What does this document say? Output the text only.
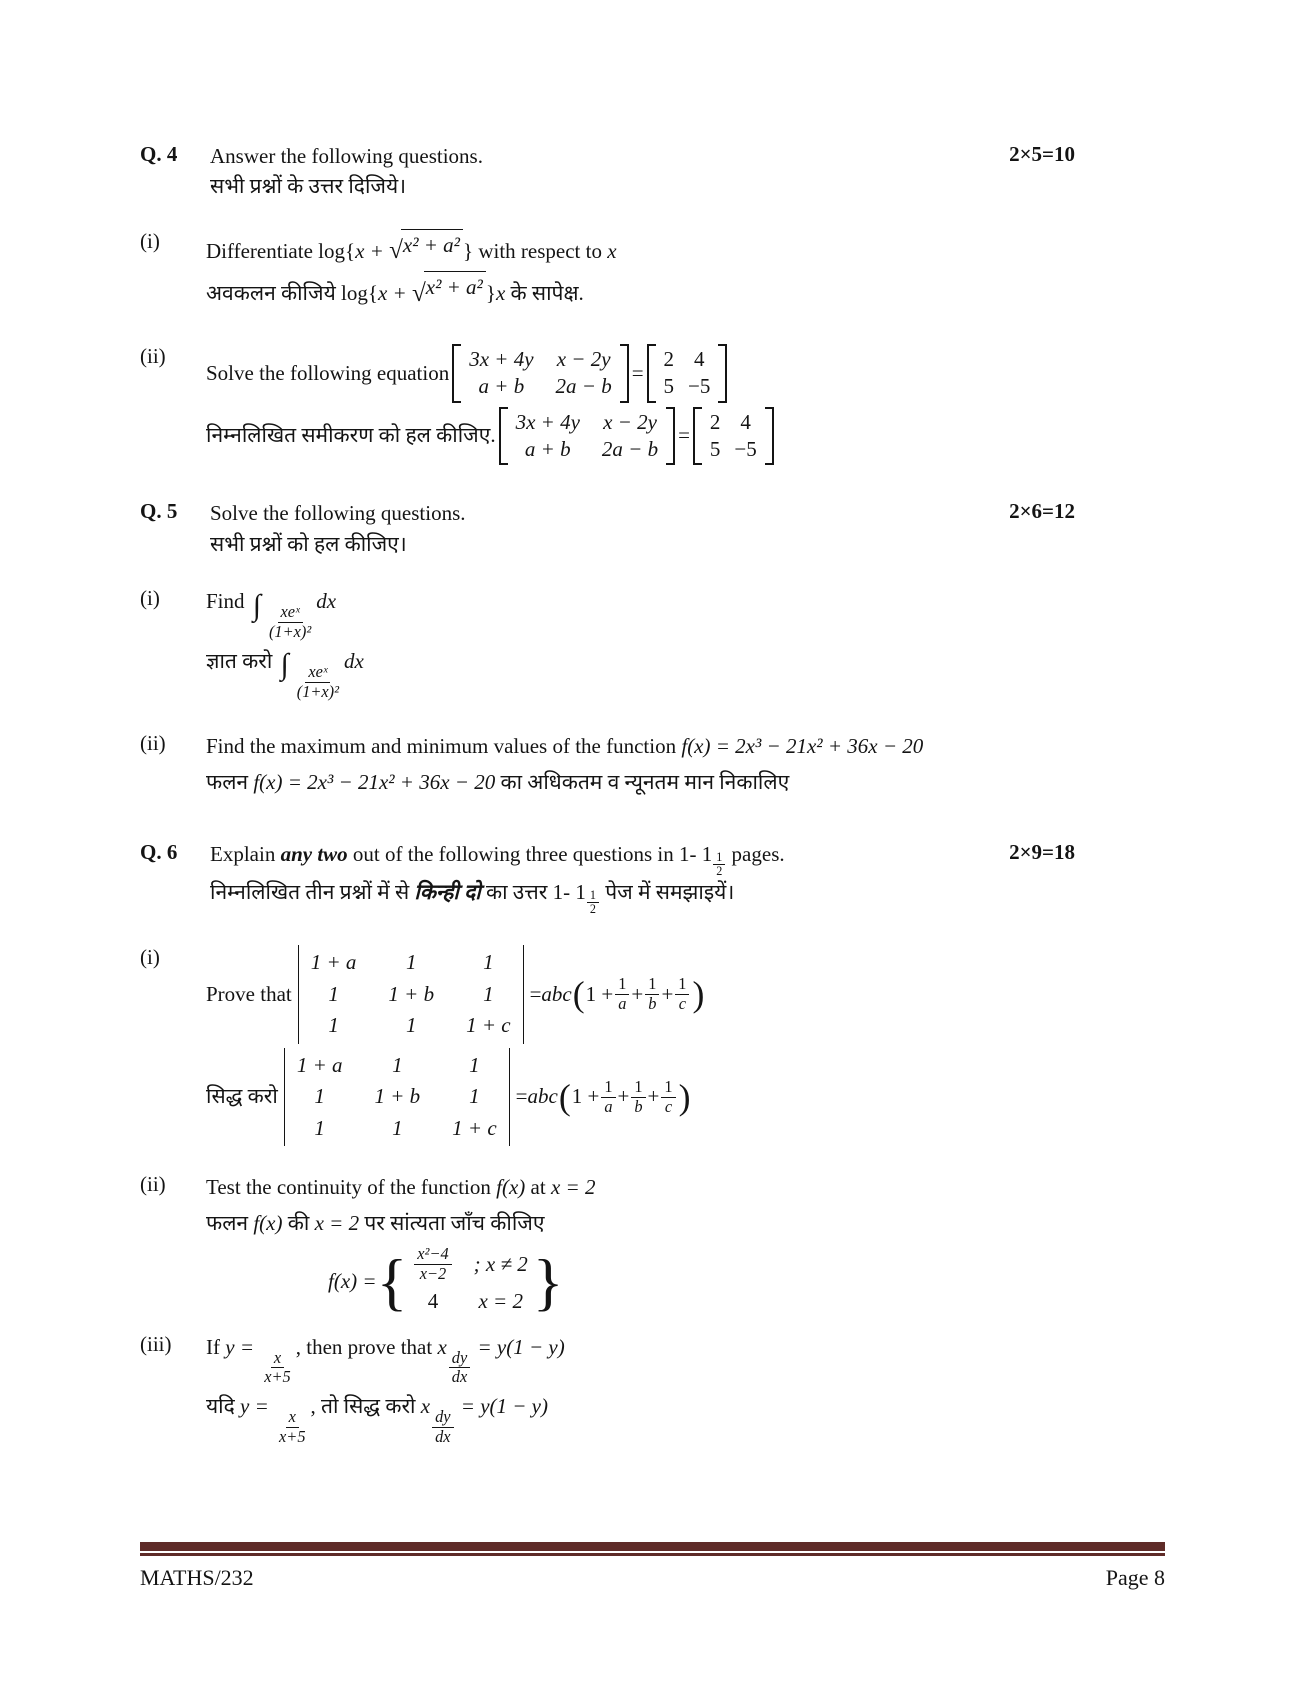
Q. 4	Answer the following questions.
सभी प्रश्नों के उत्तर दिजिये।
2×5=10
(i)	Differentiate log{x + √ x² + a² } with respect to x
अवकलन कीजिये log{x + √ x² + a² }x के सापेक्ष.
(ii)
Solve the following equation
3x + 4y x − 2y
a + b	2a − b
=
2 4
5 −5
निम्नलिखित समीकरण को हल कीजिए.
3x + 4y x − 2y
a + b	2a − b
=
2 4
5 −5
Q. 5	Solve the following questions.
सभी प्रश्नों को हल कीजिए।
2×6=12
(i)	Find ∫ $\frac{\text{xeˣ}}{\text{(1+x)²}}$
dx
ज्ञात करो ∫ $\frac{\text{xeˣ}}{\text{(1+x)²}}$
dx
(ii)	Find the maximum and minimum values of the function f(x) = 2x³ − 21x² + 36x − 20
फलन f(x) = 2x³ − 21x² + 36x − 20 का अधिकतम व न्यूनतम मान निकालिए
Q. 6	Explain any two out of the following three questions in 1- $1 \frac{1}{2}$ pages.
निम्नलिखित तीन प्रश्नों में से किन्ही दो का उत्तर 1- $1 \frac{1}{2}$ पेज में समझाइयें।
2×9=18
(i)
Prove that
1 + a	1	1
1	1 + b	1
1	1	1 + c
= abc ( $1 + \frac{1}{a} + \frac{1}{b} + \frac{1}{c}$ )
सिद्ध करो
1 + a	1	1
1	1 + b	1
1	1	1 + c
= abc ( $1 + \frac{1}{a} + \frac{1}{b} + \frac{1}{c}$ )
(ii)	Test the continuity of the function f(x) at x = 2
फलन f(x) की x = 2 पर सांत्यता जाँच कीजिए
f(x) = { $\frac{\text{x²−4}}{x-2}$ ; x ≠ 2
4 x = 2 }
(iii)	If y =
$\frac{x}{x+5}$
, then prove that x
$\frac{dy}{dx}$
= y(1 − y)
यदि y =
$\frac{x}{x+5}$
, तो सिद्ध करो x
$\frac{dy}{dx}$
= y(1 − y)
MATHS/232	Page 8
